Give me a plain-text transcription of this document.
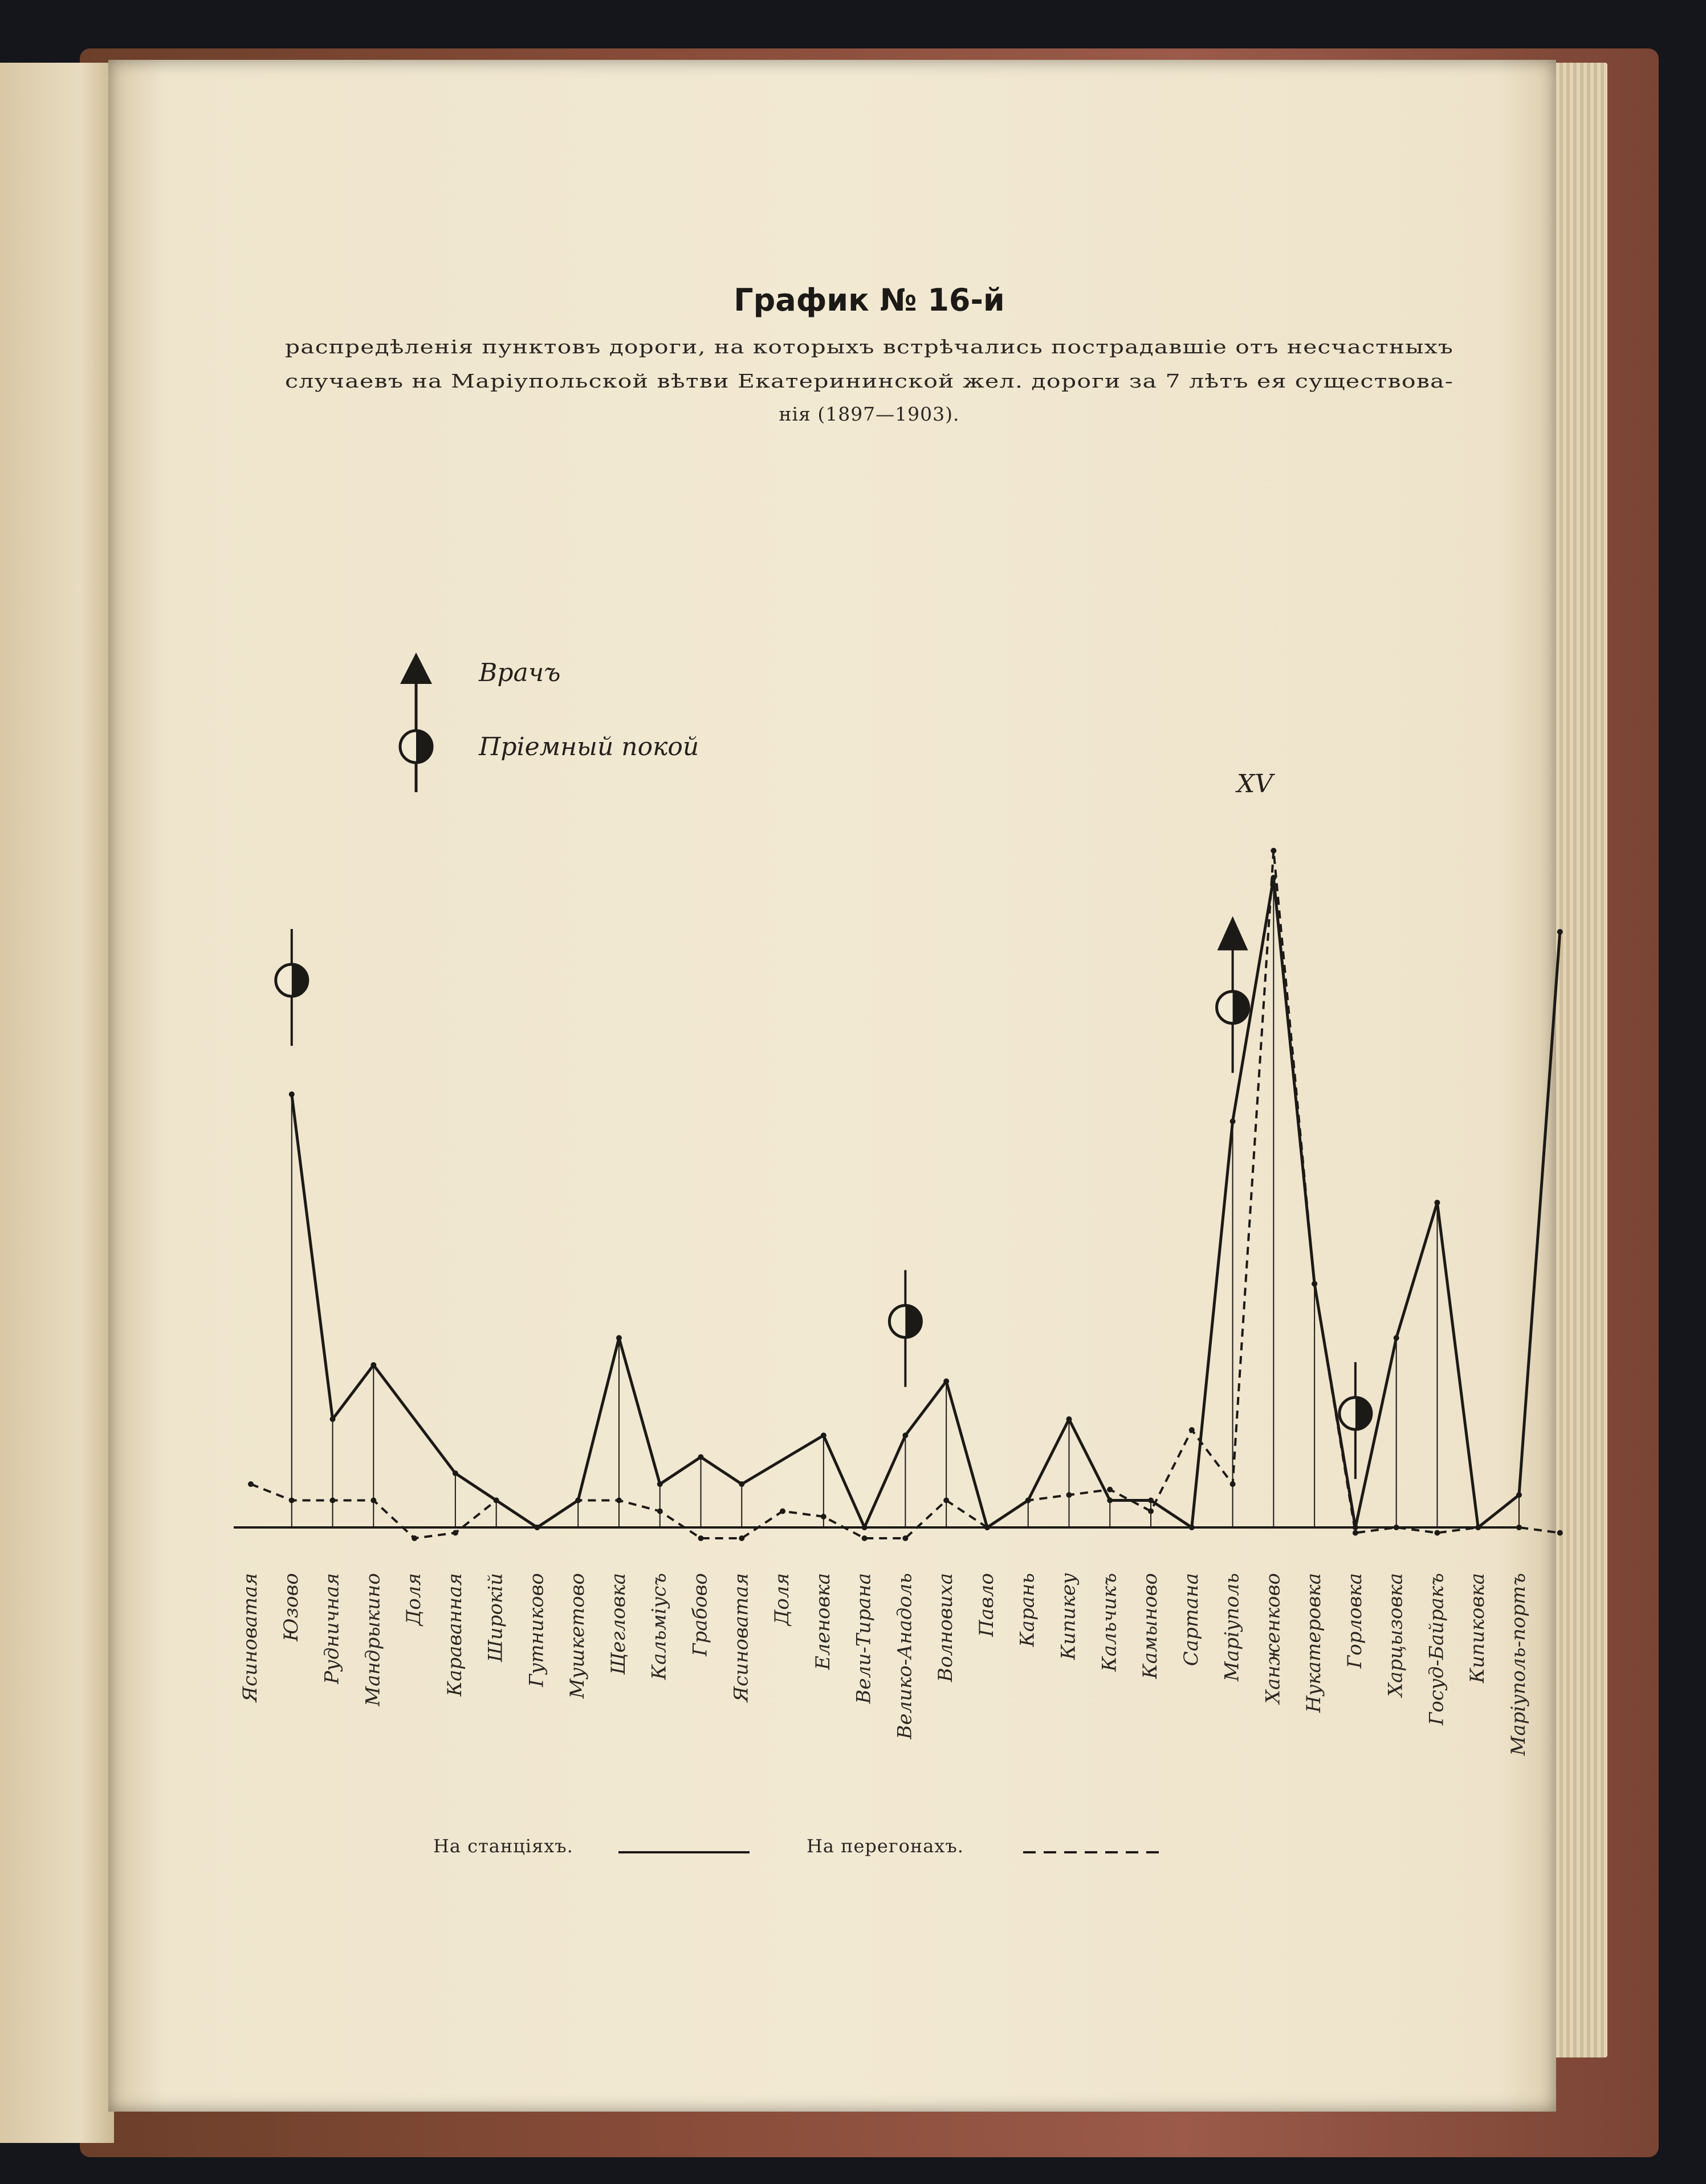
График № 16-й
распредѣленія пунктовъ дороги, на которыхъ встрѣчались пострадавшіе отъ несчастныхъ
случаевъ на Маріупольской вѣтви Екатерининской жел. дороги за 7 лѣтъ ея существова-
нія (1897—1903).
Врачъ
Пріемный покой
XV
Ясиноватая Юзово Рудничная Мандрыкино Доля Караванная Широкій Гутниково Мушкетово Щегловка Кальміусъ Грабово Ясиноватая Доля Еленовка Вели-Тирана Велико-Анадоль Волновиха Павло Карань Кипикеу Кальчикъ Камыново Сартана Маріуполь Ханженково Нукатеровка Горловка Харцызовка Госуд-Байракъ Кипиковка Маріуполь-портъ
На станціяхъ.	На перегонахъ.
